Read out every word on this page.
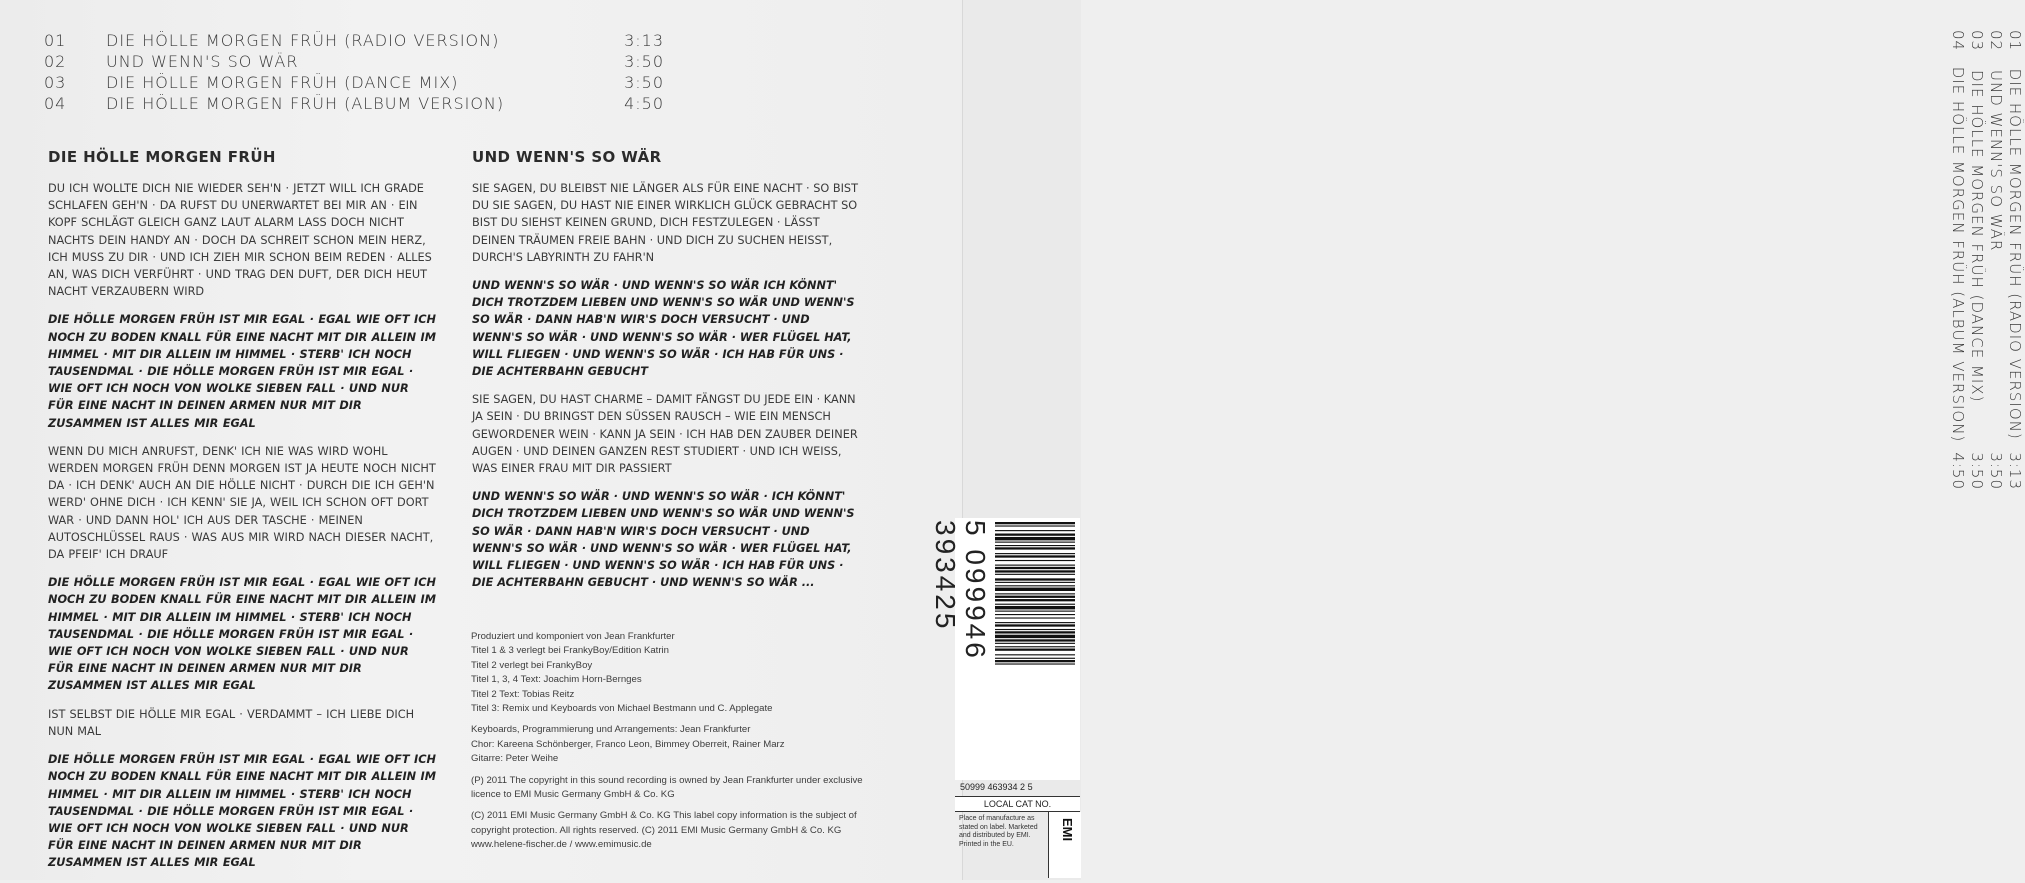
01	DIE HÖLLE MORGEN FRÜH (RADIO VERSION)	3:13
02	UND WENN'S SO WÄR	3:50
03	DIE HÖLLE MORGEN FRÜH (DANCE MIX)	3:50
04	DIE HÖLLE MORGEN FRÜH (ALBUM VERSION)	4:50
DIE HÖLLE MORGEN FRÜH

DU ICH WOLLTE DICH NIE WIEDER SEH'N · JETZT WILL ICH GRADE SCHLAFEN GEH'N · DA RUFST DU UNERWARTET BEI MIR AN · EIN KOPF SCHLÄGT GLEICH GANZ LAUT ALARM LASS DOCH NICHT NACHTS DEIN HANDY AN · DOCH DA SCHREIT SCHON MEIN HERZ, ICH MUSS ZU DIR · UND ICH ZIEH MIR SCHON BEIM REDEN · ALLES AN, WAS DICH VERFÜHRT · UND TRAG DEN DUFT, DER DICH HEUT NACHT VERZAUBERN WIRD

DIE HÖLLE MORGEN FRÜH IST MIR EGAL · EGAL WIE OFT ICH NOCH ZU BODEN KNALL FÜR EINE NACHT MIT DIR ALLEIN IM HIMMEL · MIT DIR ALLEIN IM HIMMEL · STERB' ICH NOCH TAUSENDMAL · DIE HÖLLE MORGEN FRÜH IST MIR EGAL · WIE OFT ICH NOCH VON WOLKE SIEBEN FALL · UND NUR FÜR EINE NACHT IN DEINEN ARMEN NUR MIT DIR ZUSAMMEN IST ALLES MIR EGAL

WENN DU MICH ANRUFST, DENK' ICH NIE WAS WIRD WOHL WERDEN MORGEN FRÜH DENN MORGEN IST JA HEUTE NOCH NICHT DA · ICH DENK' AUCH AN DIE HÖLLE NICHT · DURCH DIE ICH GEH'N WERD' OHNE DICH · ICH KENN' SIE JA, WEIL ICH SCHON OFT DORT WAR · UND DANN HOL' ICH AUS DER TASCHE · MEINEN AUTOSCHLÜSSEL RAUS · WAS AUS MIR WIRD NACH DIESER NACHT, DA PFEIF' ICH DRAUF

DIE HÖLLE MORGEN FRÜH IST MIR EGAL · EGAL WIE OFT ICH NOCH ZU BODEN KNALL FÜR EINE NACHT MIT DIR ALLEIN IM HIMMEL · MIT DIR ALLEIN IM HIMMEL · STERB' ICH NOCH TAUSENDMAL · DIE HÖLLE MORGEN FRÜH IST MIR EGAL · WIE OFT ICH NOCH VON WOLKE SIEBEN FALL · UND NUR FÜR EINE NACHT IN DEINEN ARMEN NUR MIT DIR ZUSAMMEN IST ALLES MIR EGAL

IST SELBST DIE HÖLLE MIR EGAL · VERDAMMT – ICH LIEBE DICH NUN MAL

DIE HÖLLE MORGEN FRÜH IST MIR EGAL · EGAL WIE OFT ICH NOCH ZU BODEN KNALL FÜR EINE NACHT MIT DIR ALLEIN IM HIMMEL · MIT DIR ALLEIN IM HIMMEL · STERB' ICH NOCH TAUSENDMAL · DIE HÖLLE MORGEN FRÜH IST MIR EGAL · WIE OFT ICH NOCH VON WOLKE SIEBEN FALL · UND NUR FÜR EINE NACHT IN DEINEN ARMEN NUR MIT DIR ZUSAMMEN IST ALLES MIR EGAL

UND WENN'S SO WÄR

SIE SAGEN, DU BLEIBST NIE LÄNGER ALS FÜR EINE NACHT · SO BIST DU SIE SAGEN, DU HAST NIE EINER WIRKLICH GLÜCK GEBRACHT SO BIST DU SIEHST KEINEN GRUND, DICH FESTZULEGEN · LÄSST DEINEN TRÄUMEN FREIE BAHN · UND DICH ZU SUCHEN HEISST, DURCH'S LABYRINTH ZU FAHR'N

UND WENN'S SO WÄR · UND WENN'S SO WÄR ICH KÖNNT' DICH TROTZDEM LIEBEN UND WENN'S SO WÄR UND WENN'S SO WÄR · DANN HAB'N WIR'S DOCH VERSUCHT · UND WENN'S SO WÄR · UND WENN'S SO WÄR · WER FLÜGEL HAT, WILL FLIEGEN · UND WENN'S SO WÄR · ICH HAB FÜR UNS · DIE ACHTERBAHN GEBUCHT

SIE SAGEN, DU HAST CHARME – DAMIT FÄNGST DU JEDE EIN · KANN JA SEIN · DU BRINGST DEN SÜSSEN RAUSCH – WIE EIN MENSCH GEWORDENER WEIN · KANN JA SEIN · ICH HAB DEN ZAUBER DEINER AUGEN · UND DEINEN GANZEN REST STUDIERT · UND ICH WEISS, WAS EINER FRAU MIT DIR PASSIERT

UND WENN'S SO WÄR · UND WENN'S SO WÄR · ICH KÖNNT' DICH TROTZDEM LIEBEN UND WENN'S SO WÄR UND WENN'S SO WÄR · DANN HAB'N WIR'S DOCH VERSUCHT · UND WENN'S SO WÄR · UND WENN'S SO WÄR · WER FLÜGEL HAT, WILL FLIEGEN · UND WENN'S SO WÄR · ICH HAB FÜR UNS · DIE ACHTERBAHN GEBUCHT · UND WENN'S SO WÄR ...

Produziert und komponiert von Jean Frankfurter
Titel 1 & 3 verlegt bei FrankyBoy/Edition Katrin
Titel 2 verlegt bei FrankyBoy
Titel 1, 3, 4 Text: Joachim Horn-Bernges
Titel 2 Text: Tobias Reitz
Titel 3: Remix und Keyboards von Michael Bestmann und C. Applegate

Keyboards, Programmierung und Arrangements: Jean Frankfurter
Chor: Kareena Schönberger, Franco Leon, Bimmey Oberreit, Rainer Marz
Gitarre: Peter Weihe

(P) 2011 The copyright in this sound recording is owned by Jean Frankfurter under exclusive licence to EMI Music Germany GmbH & Co. KG

(C) 2011 EMI Music Germany GmbH & Co. KG This label copy information is the subject of copyright protection. All rights reserved. (C) 2011 EMI Music Germany GmbH & Co. KG
www.helene-fischer.de / www.emimusic.de

01
DIE HÖLLE MORGEN FRÜH (RADIO VERSION)
3:13
02
UND WENN'S SO WÄR
3:50
03
DIE HÖLLE MORGEN FRÜH (DANCE MIX)
3:50
04
DIE HÖLLE MORGEN FRÜH (ALBUM VERSION)
4:50
5 099946 393425
50999 463934 2 5
LOCAL CAT NO.
Place of manufacture as stated on label. Marketed and distributed by EMI. Printed in the EU.
EMI
